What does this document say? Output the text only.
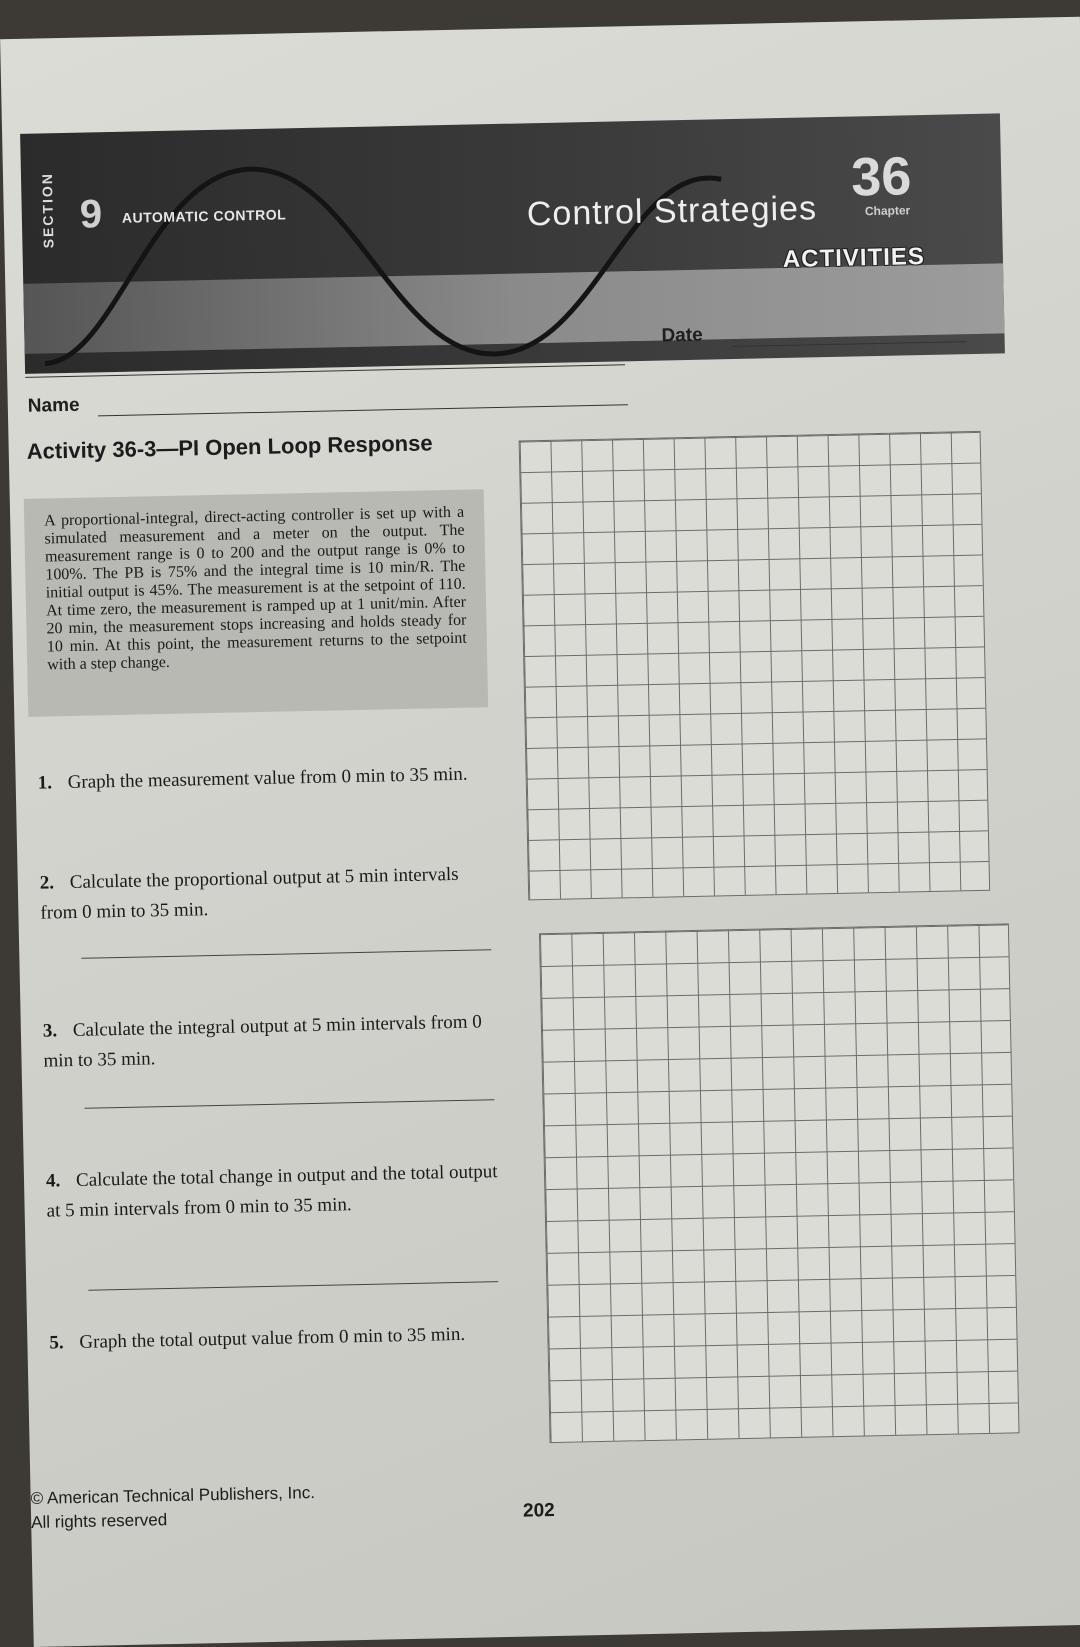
SECTION 9 AUTOMATIC CONTROL	Control Strategies
36
Chapter
ACTIVITIES
Date
Name
Activity 36-3—PI Open Loop Response
A proportional-integral, direct-acting controller is set up with a simulated measurement and a meter on the output. The measurement range is 0 to 200 and the output range is 0% to 100%. The PB is 75% and the integral time is 10 min/R. The initial output is 45%. The measurement is at the setpoint of 110. At time zero, the measurement is ramped up at 1 unit/min. After 20 min, the measurement stops increasing and holds steady for 10 min. At this point, the measurement returns to the setpoint with a step change.
1. Graph the measurement value from 0 min to 35 min.
2. Calculate the proportional output at 5 min intervals from 0 min to 35 min.
3. Calculate the integral output at 5 min intervals from 0 min to 35 min.
4. Calculate the total change in output and the total output at 5 min intervals from 0 min to 35 min.
5. Graph the total output value from 0 min to 35 min.
© American Technical Publishers, Inc.
All rights reserved	202
